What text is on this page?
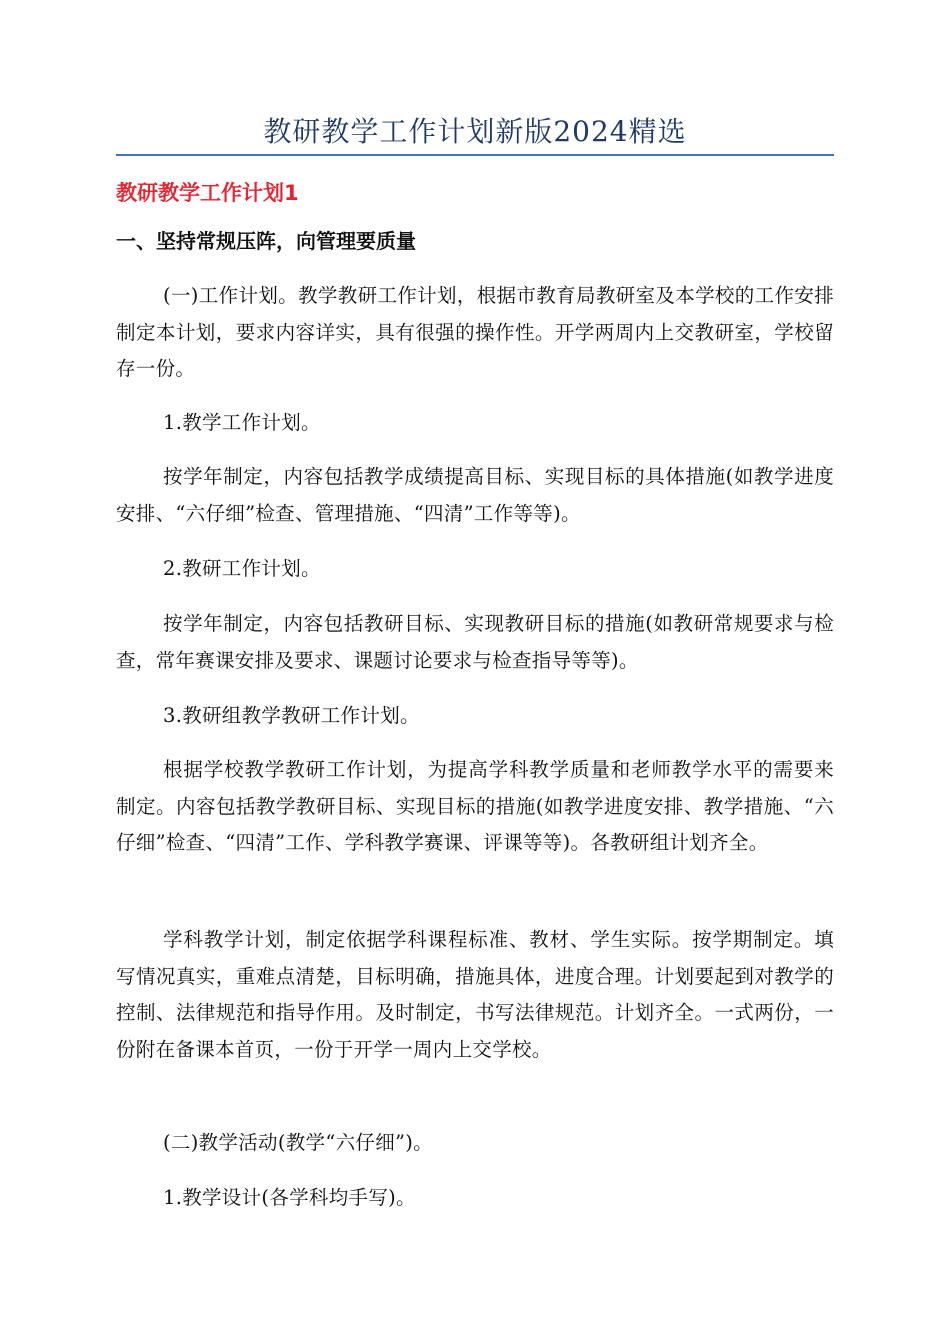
教研教学工作计划新版2024精选
教研教学工作计划1
一、坚持常规压阵，向管理要质量

(一)工作计划。教学教研工作计划，根据市教育局教研室及本学校的工作安排制定本计划，要求内容详实，具有很强的操作性。开学两周内上交教研室，学校留存一份。

1.教学工作计划。

按学年制定，内容包括教学成绩提高目标、实现目标的具体措施(如教学进度安排、“六仔细”检查、管理措施、“四清”工作等等)。

2.教研工作计划。

按学年制定，内容包括教研目标、实现教研目标的措施(如教研常规要求与检查，常年赛课安排及要求、课题讨论要求与检查指导等等)。

3.教研组教学教研工作计划。

根据学校教学教研工作计划，为提高学科教学质量和老师教学水平的需要来制定。内容包括教学教研目标、实现目标的措施(如教学进度安排、教学措施、“六仔细”检查、“四清”工作、学科教学赛课、评课等等)。各教研组计划齐全。

学科教学计划，制定依据学科课程标准、教材、学生实际。按学期制定。填写情况真实，重难点清楚，目标明确，措施具体，进度合理。计划要起到对教学的控制、法律规范和指导作用。及时制定，书写法律规范。计划齐全。一式两份，一份附在备课本首页，一份于开学一周内上交学校。

(二)教学活动(教学“六仔细”)。

1.教学设计(各学科均手写)。
